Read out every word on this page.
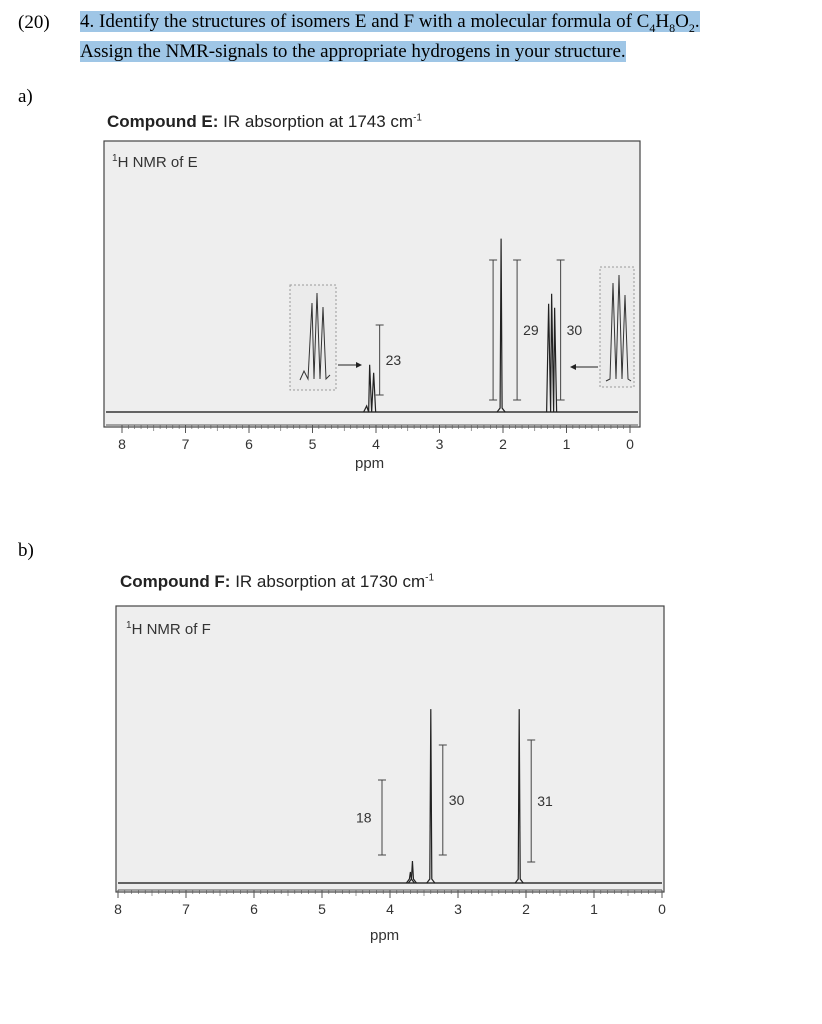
(20) 4. Identify the structures of isomers E and F with a molecular formula of $C_4H_8O_2$.
Assign the NMR-signals to the appropriate hydrogens in your structure.
a)
Compound E: IR absorption at 1743 $cm^{-1}$
$^1$H NMR of E
8	7	6	5	4	3	2	1	0
23
29 30
ppm
b)
Compound F: IR absorption at 1730 $cm^{-1}$
$^1$H NMR of F
8	7	6	5	4	3	2	1	0
18
30	31
ppm
